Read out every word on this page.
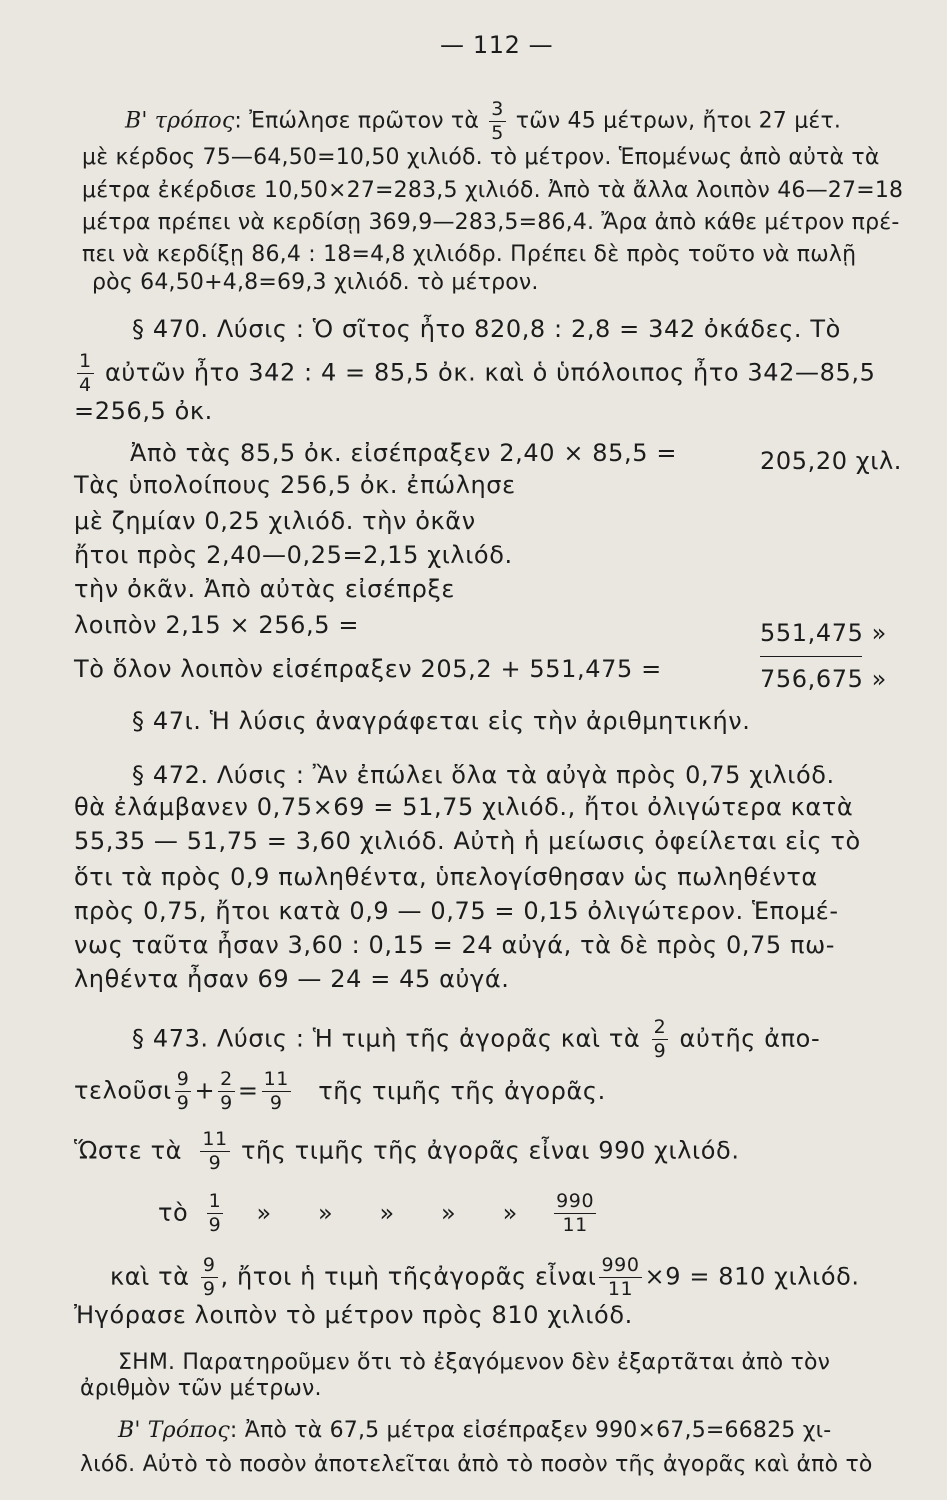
— 112 —
Β' τρόπος: Ἐπώλησε πρῶτον τὰ $\frac{3}{5}$ τῶν 45 μέτρων, ἤτοι 27 μέτ.
μὲ κέρδος 75—64,50=10,50 χιλιόδ. τὸ μέτρον. Ἑπομένως ἀπὸ αὐτὰ τὰ
μέτρα ἐκέρδισε 10,50×27=283,5 χιλιόδ. Ἀπὸ τὰ ἄλλα λοιπὸν 46—27=18
μέτρα πρέπει νὰ κερδίσῃ 369,9—283,5=86,4. Ἄρα ἀπὸ κάθε μέτρον πρέ-
πει νὰ κερδίξῃ 86,4 : 18=4,8 χιλιόδρ. Πρέπει δὲ πρὸς τοῦτο νὰ πωλῇ
ρὸς 64,50+4,8=69,3 χιλιόδ. τὸ μέτρον.
§ 470. Λύσις : Ὁ σῖτος ἦτο 820,8 : 2,8 = 342 ὀκάδες. Τὸ
$\frac{1}{4}$ αὐτῶν ἦτο 342 : 4 = 85,5 ὀκ. καὶ ὁ ὑπόλοιπος ἦτο 342—85,5
=256,5 ὀκ.
Ἀπὸ τὰς 85,5 ὀκ. εἰσέπραξεν 2,40 × 85,5 =	205,20 χιλ.
Τὰς ὑπολοίπους 256,5 ὀκ. ἐπώλησε
μὲ ζημίαν 0,25 χιλιόδ. τὴν ὀκᾶν
ἤτοι πρὸς 2,40—0,25=2,15 χιλιόδ.
τὴν ὀκᾶν. Ἀπὸ αὐτὰς εἰσέπρξε
λοιπὸν 2,15 × 256,5 =	551,475 »
Τὸ ὅλον λοιπὸν εἰσέπραξεν 205,2 + 551,475 =	756,675 »
§ 47ι. Ἡ λύσις ἀναγράφεται εἰς τὴν ἀριθμητικήν.
§ 472. Λύσις : Ἂν ἐπώλει ὅλα τὰ αὐγὰ πρὸς 0,75 χιλιόδ.
θὰ ἐλάμβανεν 0,75×69 = 51,75 χιλιόδ., ἤτοι ὀλιγώτερα κατὰ
55,35 — 51,75 = 3,60 χιλιόδ. Αὐτὴ ἡ μείωσις ὀφείλεται εἰς τὸ
ὅτι τὰ πρὸς 0,9 πωληθέντα, ὑπελογίσθησαν ὡς πωληθέντα
πρὸς 0,75, ἤτοι κατὰ 0,9 — 0,75 = 0,15 ὀλιγώτερον. Ἑπομέ-
νως ταῦτα ἦσαν 3,60 : 0,15 = 24 αὐγά, τὰ δὲ πρὸς 0,75 πω-
ληθέντα ἦσαν 69 — 24 = 45 αὐγά.
§ 473. Λύσις : Ἡ τιμὴ τῆς ἀγορᾶς καὶ τὰ $\frac{2}{9}$ αὐτῆς ἀπο-
τελοῦσι $\frac{9}{9} + \frac{2}{9} = \frac{11}{9}$ τῆς τιμῆς τῆς ἀγορᾶς.
Ὥστε τὰ $\frac{11}{9}$ τῆς τιμῆς τῆς ἀγορᾶς εἶναι 990 χιλιόδ.
τὸ $\frac{1}{9}$ » » » » » $\frac{990}{11}$
καὶ τὰ $\frac{9}{9}$ , ἤτοι ἡ τιμὴ τῆςἀγορᾶς εἶναι $\frac{990}{11} \times 9 = 810$ χιλιόδ.
Ἠγόρασε λοιπὸν τὸ μέτρον πρὸς 810 χιλιόδ.
ΣΗΜ. Παρατηροῦμεν ὅτι τὸ ἐξαγόμενον δὲν ἐξαρτᾶται ἀπὸ τὸν
ἀριθμὸν τῶν μέτρων.
Β' Τρόπος: Ἀπὸ τὰ 67,5 μέτρα εἰσέπραξεν 990×67,5=66825 χι-
λιόδ. Αὐτὸ τὸ ποσὸν ἀποτελεῖται ἀπὸ τὸ ποσὸν τῆς ἀγορᾶς καὶ ἀπὸ τὸ
